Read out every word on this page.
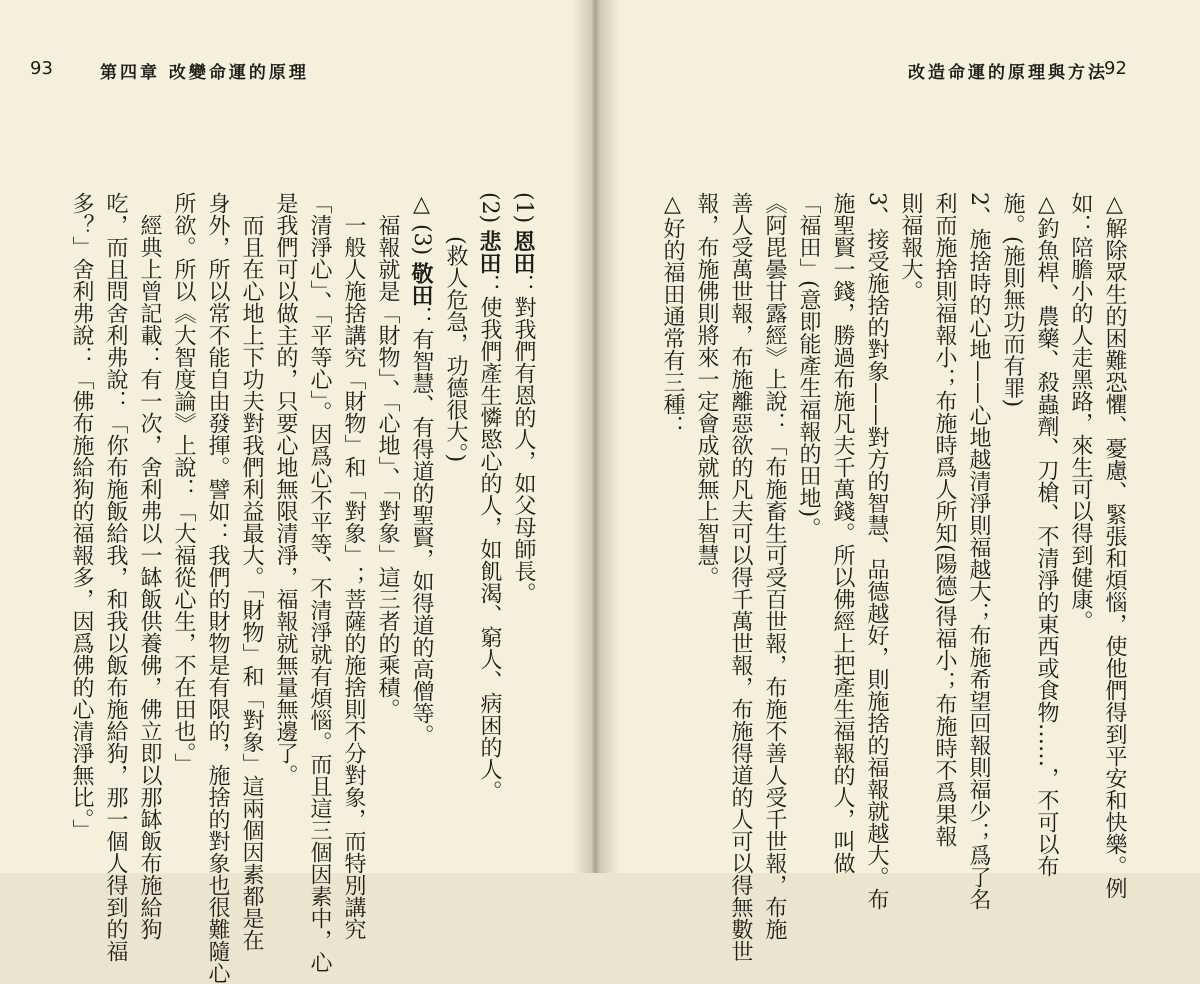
93	第四章 改變命運的原理
(1) 恩田：對我們有恩的人，如父母師長。
(2) 悲田：使我們產生憐愍心的人，如飢渴、窮人、病困的人。
　　(救人危急，功德很大。)
△ (3) 敬田：有智慧、有得道的聖賢，如得道的高僧等。
　福報就是「財物」、「心地」、「對象」這三者的乘積。
　一般人施捨講究「財物」和「對象」；菩薩的施捨則不分對象，而特別講究
「清淨心」、「平等心」。因爲心不平等、不清淨就有煩惱。而且這三個因素中，心
是我們可以做主的，只要心地無限清淨，福報就無量無邊了。
　而且在心地上下功夫對我們利益最大。「財物」和「對象」這兩個因素都是在
身外，所以常不能自由發揮。譬如：我們的財物是有限的，施捨的對象也很難隨心
所欲。所以《大智度論》上說：「大福從心生，不在田也。」
　經典上曾記載：有一次，舍利弗以一缽飯供養佛，佛立即以那缽飯布施給狗
吃，而且問舍利弗說：「你布施飯給我，和我以飯布施給狗，那一個人得到的福
多？」舍利弗說：「佛布施給狗的福報多，因爲佛的心清淨無比。」
改造命運的原理與方法
92
△解除眾生的困難恐懼、憂慮、緊張和煩惱，使他們得到平安和快樂。例
如：陪膽小的人走黑路，來生可以得到健康。
△釣魚桿、農藥、殺蟲劑、刀槍、不清淨的東西或食物……，不可以布
施。(施則無功而有罪)
2、施捨時的心地——心地越清淨則福越大；布施希望回報則福少；爲了名
利而施捨則福報小；布施時爲人所知(陽德)得福小；布施時不爲果報
則福報大。
3、接受施捨的對象——對方的智慧、品德越好，則施捨的福報就越大。布
施聖賢一錢，勝過布施凡夫千萬錢。所以佛經上把產生福報的人，叫做
「福田」(意即能產生福報的田地)。
《阿毘曇甘露經》上說：「布施畜生可受百世報，布施不善人受千世報，布施
善人受萬世報，布施離惡欲的凡夫可以得千萬世報，布施得道的人可以得無數世
報，布施佛則將來一定會成就無上智慧。
△好的福田通常有三種：
